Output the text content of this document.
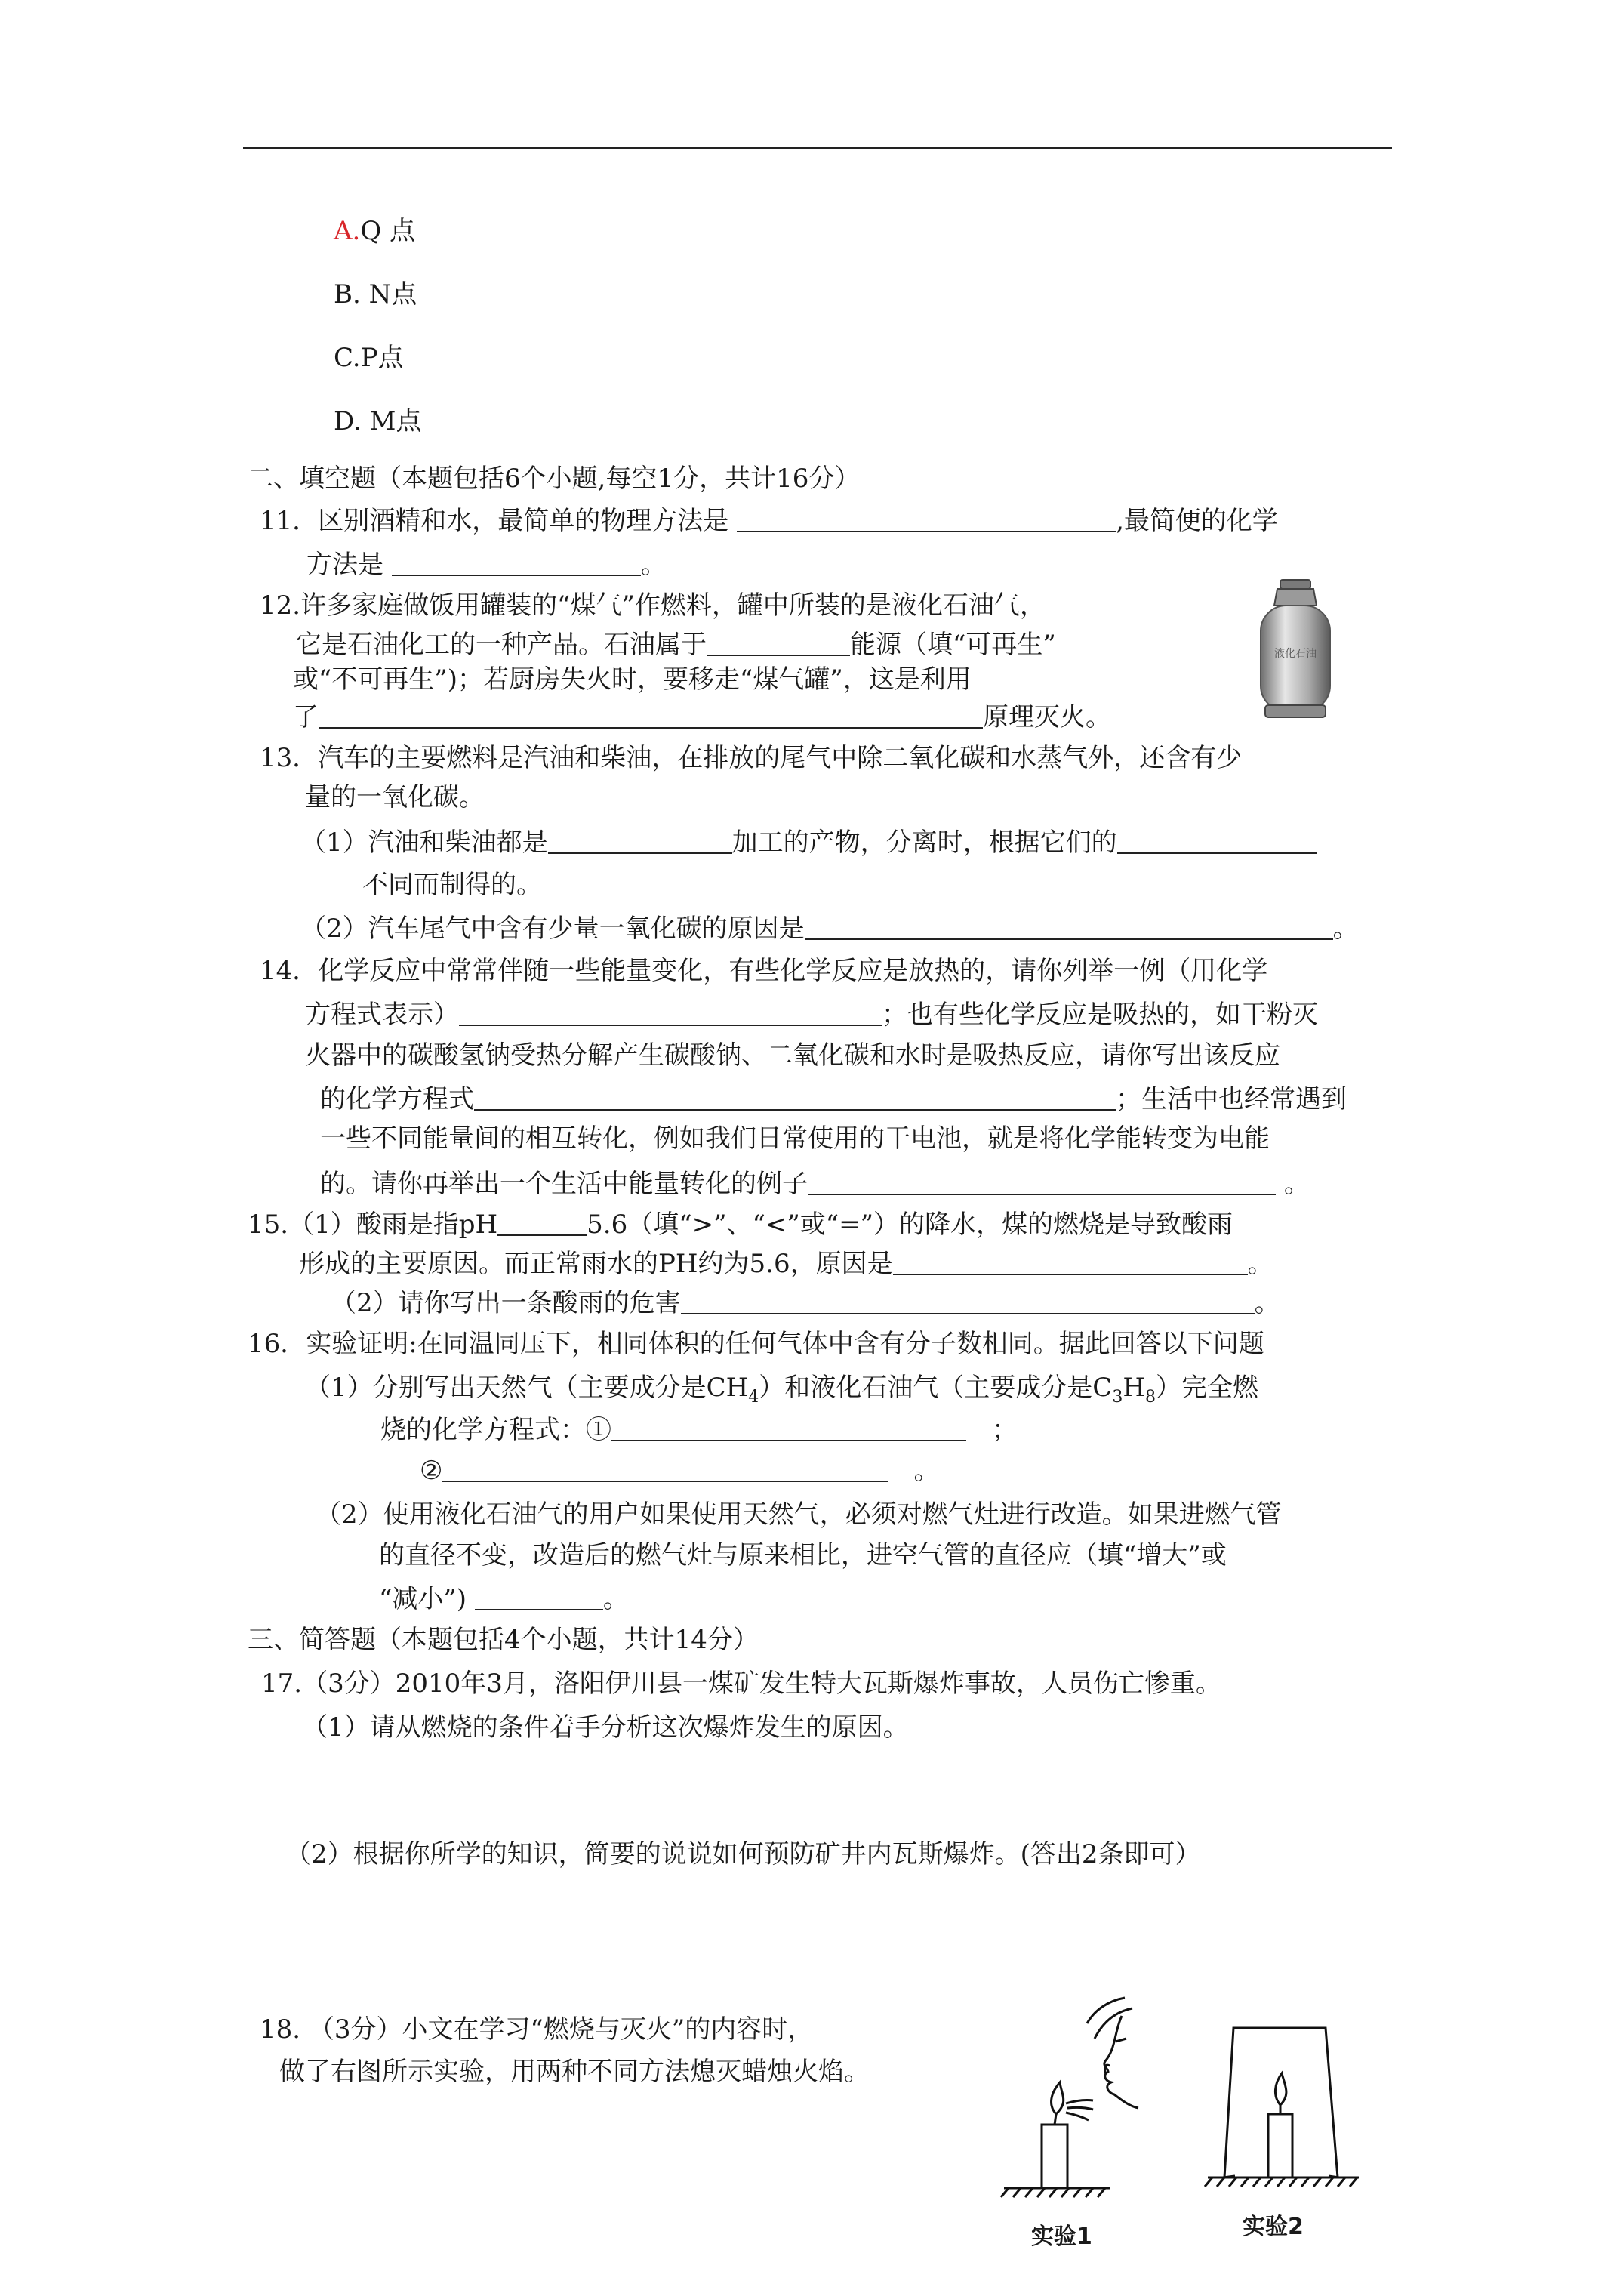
A.Q 点
B. N点
C.P点
D. M点
二、填空题（本题包括6个小题,每空1分，共计16分）
11．区别酒精和水，最简单的物理方法是	,最简便的化学
方法是	。
12.许多家庭做饭用罐装的“煤气”作燃料，罐中所装的是液化石油气，
它是石油化工的一种产品。石油属于	能源（填“可再生”
或“不可再生”)；若厨房失火时，要移走“煤气罐”，这是利用
了	原理灭火。
液化石油
13．汽车的主要燃料是汽油和柴油，在排放的尾气中除二氧化碳和水蒸气外，还含有少
量的一氧化碳。
（1）汽油和柴油都是	加工的产物，分离时，根据它们的
不同而制得的。
（2）汽车尾气中含有少量一氧化碳的原因是	。
14．化学反应中常常伴随一些能量变化，有些化学反应是放热的，请你列举一例（用化学
方程式表示）	；也有些化学反应是吸热的，如干粉灭
火器中的碳酸氢钠受热分解产生碳酸钠、二氧化碳和水时是吸热反应，请你写出该反应
的化学方程式	；生活中也经常遇到
一些不同能量间的相互转化，例如我们日常使用的干电池，就是将化学能转变为电能
的。请你再举出一个生活中能量转化的例子	。
15.（1）酸雨是指pH	5.6（填“>”、“<”或“=”）的降水，煤的燃烧是导致酸雨
形成的主要原因。而正常雨水的PH约为5.6，原因是	。
（2）请你写出一条酸雨的危害	。
16．实验证明:在同温同压下，相同体积的任何气体中含有分子数相同。据此回答以下问题
（1）分别写出天然气（主要成分是$CH_4$）和液化石油气（主要成分是$C_3H_8$）完全燃
烧的化学方程式：①　	；
②　	。
（2）使用液化石油气的用户如果使用天然气，必须对燃气灶进行改造。如果进燃气管
的直径不变，改造后的燃气灶与原来相比，进空气管的直径应（填“增大”或
“减小”)	。
三、简答题（本题包括4个小题，共计14分）
17.（3分）2010年3月，洛阳伊川县一煤矿发生特大瓦斯爆炸事故，人员伤亡惨重。
（1）请从燃烧的条件着手分析这次爆炸发生的原因。
（2）根据你所学的知识，简要的说说如何预防矿井内瓦斯爆炸。(答出2条即可）
18. （3分）小文在学习“燃烧与灭火”的内容时，
做了右图所示实验，用两种不同方法熄灭蜡烛火焰。
实验1	实验2
